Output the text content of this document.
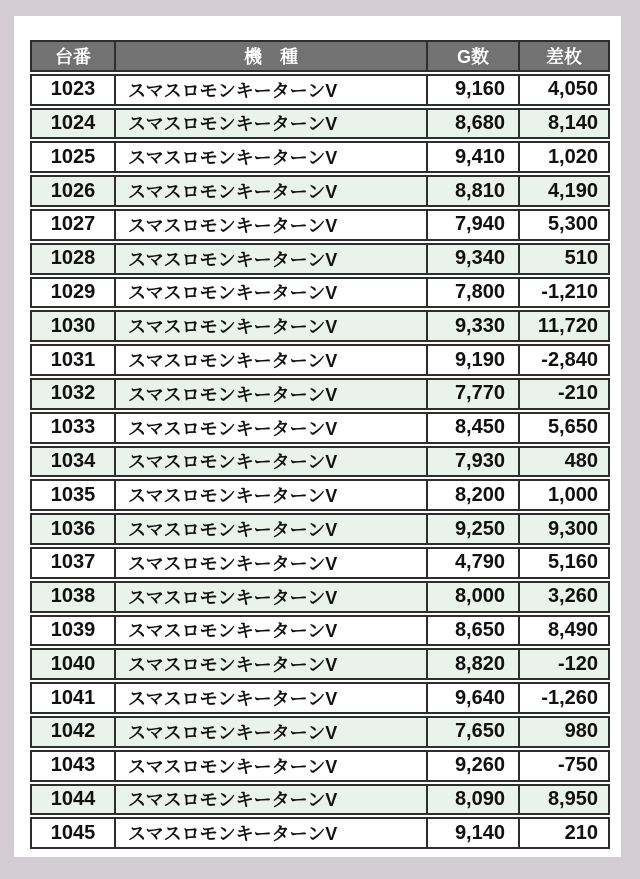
台番	機　種	G数	差枚
1023	スマスロモンキーターンV	9,160	4,050
1024	スマスロモンキーターンV	8,680	8,140
1025	スマスロモンキーターンV	9,410	1,020
1026	スマスロモンキーターンV	8,810	4,190
1027	スマスロモンキーターンV	7,940	5,300
1028	スマスロモンキーターンV	9,340	510
1029	スマスロモンキーターンV	7,800	-1,210
1030	スマスロモンキーターンV	9,330	11,720
1031	スマスロモンキーターンV	9,190	-2,840
1032	スマスロモンキーターンV	7,770	-210
1033	スマスロモンキーターンV	8,450	5,650
1034	スマスロモンキーターンV	7,930	480
1035	スマスロモンキーターンV	8,200	1,000
1036	スマスロモンキーターンV	9,250	9,300
1037	スマスロモンキーターンV	4,790	5,160
1038	スマスロモンキーターンV	8,000	3,260
1039	スマスロモンキーターンV	8,650	8,490
1040	スマスロモンキーターンV	8,820	-120
1041	スマスロモンキーターンV	9,640	-1,260
1042	スマスロモンキーターンV	7,650	980
1043	スマスロモンキーターンV	9,260	-750
1044	スマスロモンキーターンV	8,090	8,950
1045	スマスロモンキーターンV	9,140	210
